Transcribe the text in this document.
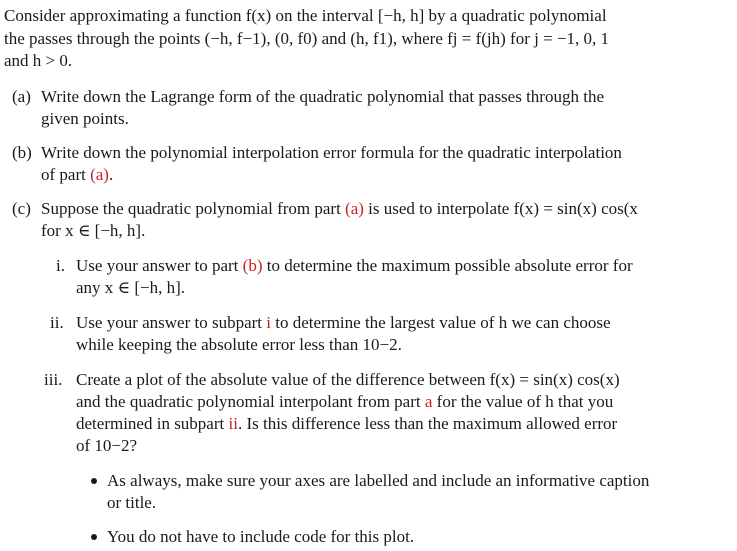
Consider approximating a function f(x) on the interval [−h, h] by a quadratic polynomial
the passes through the points (−h, f−1), (0, f0) and (h, f1), where fj = f(jh) for j = −1, 0, 1
and h > 0.
(a) Write down the Lagrange form of the quadratic polynomial that passes through the
given points.
(b) Write down the polynomial interpolation error formula for the quadratic interpolation
of part (a).
(c) Suppose the quadratic polynomial from part (a) is used to interpolate f(x) = sin(x) cos(x
for x ∈ [−h, h].
i. Use your answer to part (b) to determine the maximum possible absolute error for
any x ∈ [−h, h].
ii. Use your answer to subpart i to determine the largest value of h we can choose
while keeping the absolute error less than 10−2.
iii. Create a plot of the absolute value of the difference between f(x) = sin(x) cos(x)
and the quadratic polynomial interpolant from part a for the value of h that you
determined in subpart ii. Is this difference less than the maximum allowed error
of 10−2?
As always, make sure your axes are labelled and include an informative caption
or title.
You do not have to include code for this plot.
